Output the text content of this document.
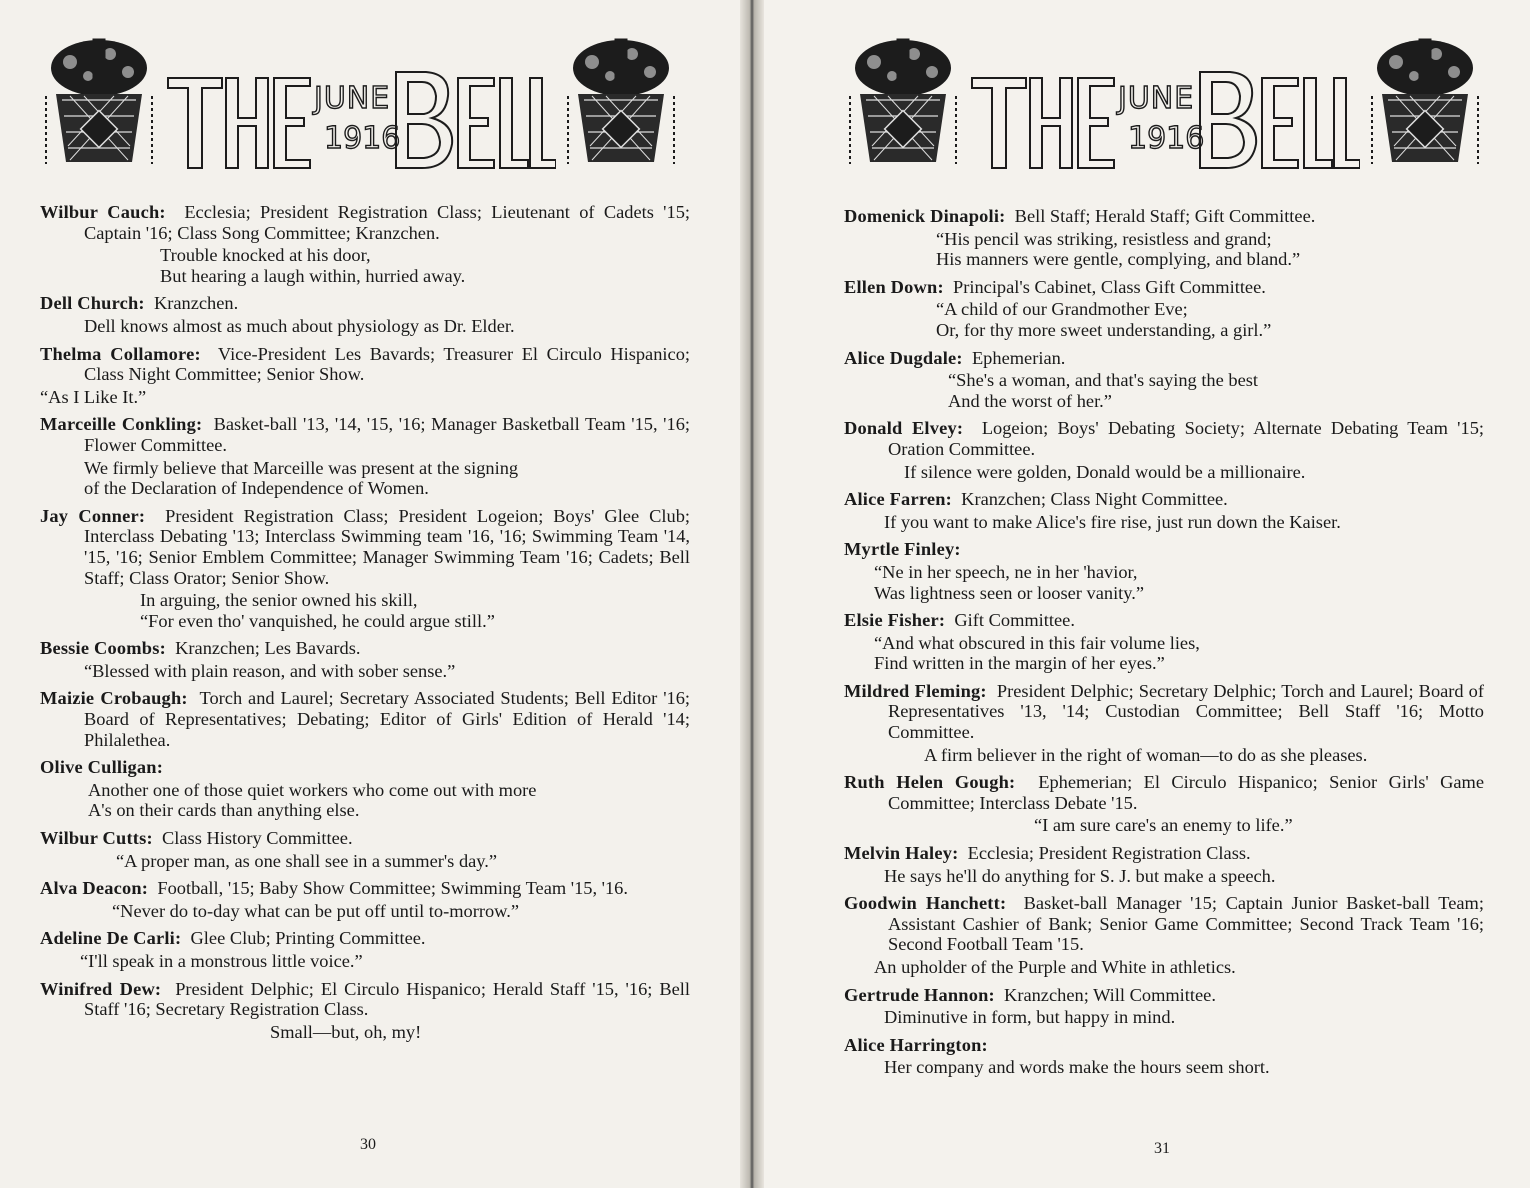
JUNE
1916
Wilbur Cauch: Ecclesia; President Registration Class; Lieutenant of Cadets '15; Captain '16; Class Song Committee; Kranzchen.
Trouble knocked at his door,
But hearing a laugh within, hurried away.
Dell Church: Kranzchen.
Dell knows almost as much about physiology as Dr. Elder.
Thelma Collamore: Vice-President Les Bavards; Treasurer El Circulo Hispanico; Class Night Committee; Senior Show.
“As I Like It.”
Marceille Conkling: Basket-ball '13, '14, '15, '16; Manager Basketball Team '15, '16; Flower Committee.
We firmly believe that Marceille was present at the signing
of the Declaration of Independence of Women.
Jay Conner: President Registration Class; President Logeion; Boys' Glee Club; Interclass Debating '13; Interclass Swimming team '16, '16; Swimming Team '14, '15, '16; Senior Emblem Committee; Manager Swimming Team '16; Cadets; Bell Staff; Class Orator; Senior Show.
In arguing, the senior owned his skill,
“For even tho' vanquished, he could argue still.”
Bessie Coombs: Kranzchen; Les Bavards.
“Blessed with plain reason, and with sober sense.”
Maizie Crobaugh: Torch and Laurel; Secretary Associated Students; Bell Editor '16; Board of Representatives; Debating; Editor of Girls' Edition of Herald '14; Philalethea.
Olive Culligan:
Another one of those quiet workers who come out with more
A's on their cards than anything else.
Wilbur Cutts: Class History Committee.
“A proper man, as one shall see in a summer's day.”
Alva Deacon: Football, '15; Baby Show Committee; Swimming Team '15, '16.
“Never do to-day what can be put off until to-morrow.”
Adeline De Carli: Glee Club; Printing Committee.
“I'll speak in a monstrous little voice.”
Winifred Dew: President Delphic; El Circulo Hispanico; Herald Staff '15, '16; Bell Staff '16; Secretary Registration Class.
Small—but, oh, my!
30
JUNE
1916
Domenick Dinapoli: Bell Staff; Herald Staff; Gift Committee.
“His pencil was striking, resistless and grand;
His manners were gentle, complying, and bland.”
Ellen Down: Principal's Cabinet, Class Gift Committee.
“A child of our Grandmother Eve;
Or, for thy more sweet understanding, a girl.”
Alice Dugdale: Ephemerian.
“She's a woman, and that's saying the best
And the worst of her.”
Donald Elvey: Logeion; Boys' Debating Society; Alternate Debating Team '15; Oration Committee.
If silence were golden, Donald would be a millionaire.
Alice Farren: Kranzchen; Class Night Committee.
If you want to make Alice's fire rise, just run down the Kaiser.
Myrtle Finley:
“Ne in her speech, ne in her 'havior,
Was lightness seen or looser vanity.”
Elsie Fisher: Gift Committee.
“And what obscured in this fair volume lies,
Find written in the margin of her eyes.”
Mildred Fleming: President Delphic; Secretary Delphic; Torch and Laurel; Board of Representatives '13, '14; Custodian Committee; Bell Staff '16; Motto Committee.
A firm believer in the right of woman—to do as she pleases.
Ruth Helen Gough: Ephemerian; El Circulo Hispanico; Senior Girls' Game Committee; Interclass Debate '15.
“I am sure care's an enemy to life.”
Melvin Haley: Ecclesia; President Registration Class.
He says he'll do anything for S. J. but make a speech.
Goodwin Hanchett: Basket-ball Manager '15; Captain Junior Basket-ball Team; Assistant Cashier of Bank; Senior Game Committee; Second Track Team '16; Second Football Team '15.
An upholder of the Purple and White in athletics.
Gertrude Hannon: Kranzchen; Will Committee.
Diminutive in form, but happy in mind.
Alice Harrington:
Her company and words make the hours seem short.
31
